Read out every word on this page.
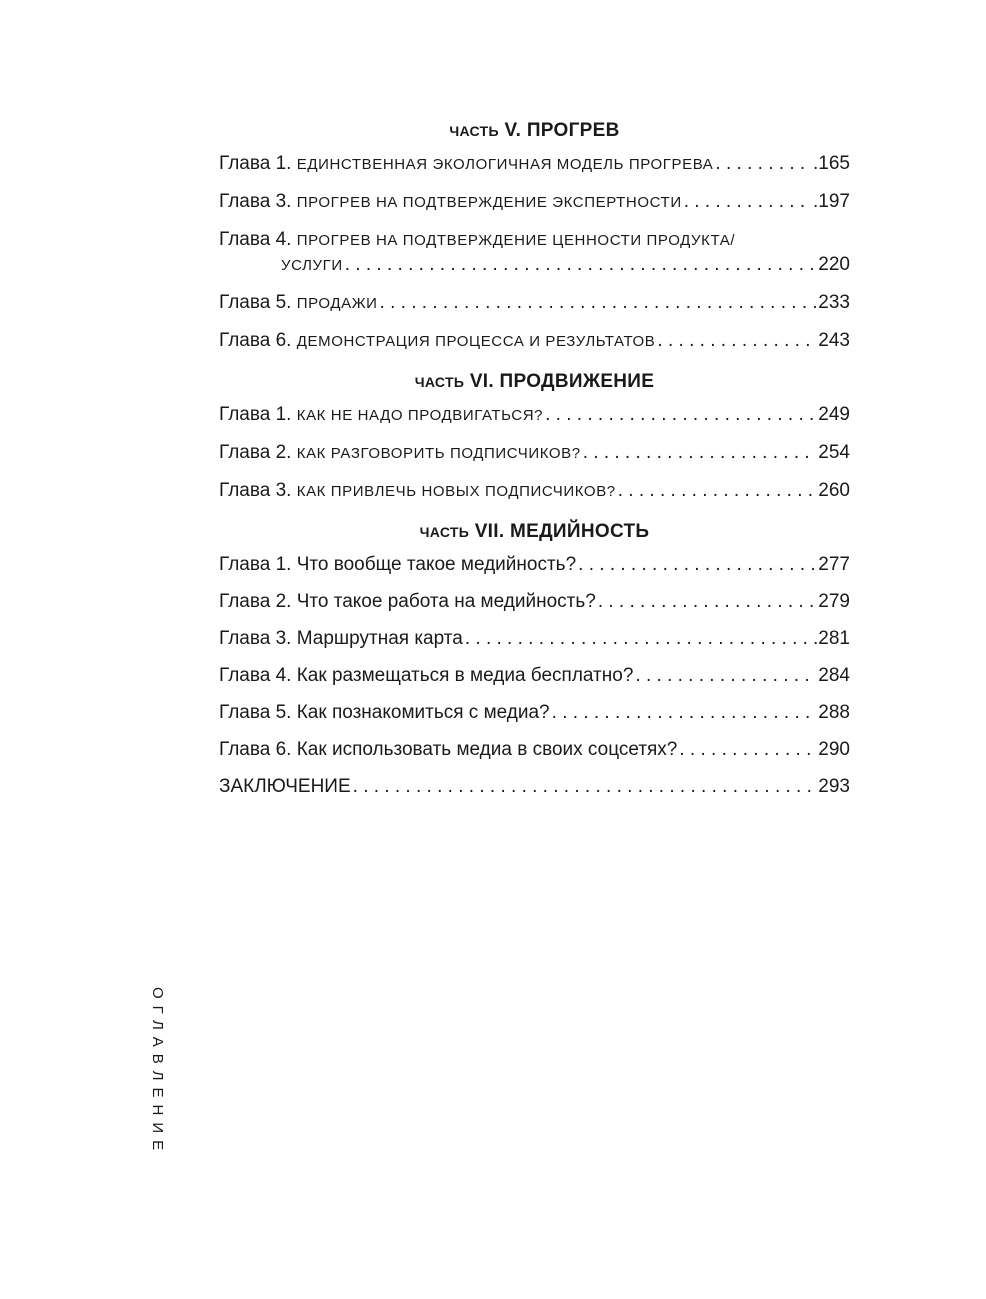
ЧАСТЬ V. ПРОГРЕВ
Глава 1. ЕДИНСТВЕННАЯ ЭКОЛОГИЧНАЯ МОДЕЛЬ ПРОГРЕВА . . .	.165
Глава 3. ПРОГРЕВ НА ПОДТВЕРЖДЕНИЕ ЭКСПЕРТНОСТИ . . .	.197
Глава 4. ПРОГРЕВ НА ПОДТВЕРЖДЕНИЕ ЦЕННОСТИ ПРОДУКТА/
УСЛУГИ . . .	220
Глава 5. ПРОДАЖИ . . .	233
Глава 6. ДЕМОНСТРАЦИЯ ПРОЦЕССА И РЕЗУЛЬТАТОВ . . .	243
ЧАСТЬ VI. ПРОДВИЖЕНИЕ
Глава 1. КАК НЕ НАДО ПРОДВИГАТЬСЯ? . . .	249
Глава 2. КАК РАЗГОВОРИТЬ ПОДПИСЧИКОВ? . . .	254
Глава 3. КАК ПРИВЛЕЧЬ НОВЫХ ПОДПИСЧИКОВ? . . .	260
ЧАСТЬ VII. МЕДИЙНОСТЬ
Глава 1. Что вообще такое медийность? . . .	277
Глава 2. Что такое работа на медийность? . . .	279
Глава 3. Маршрутная карта . . .	.281
Глава 4. Как размещаться в медиа бесплатно? . . .	284
Глава 5. Как познакомиться с медиа? . . .	288
Глава 6. Как использовать медиа в своих соцсетях? . . .	290
ЗАКЛЮЧЕНИЕ . . .	293
ОГЛАВЛЕНИЕ
